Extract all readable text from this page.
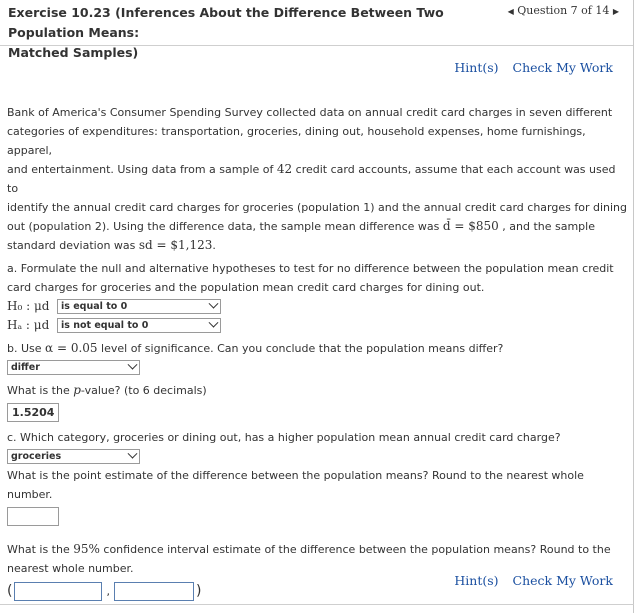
Exercise 10.23 (Inferences About the Difference Between Two Population Means:
Matched Samples)
◀ Question 7 of 14 ▶
Hint(s) Check My Work
Bank of America's Consumer Spending Survey collected data on annual credit card charges in seven different
categories of expenditures: transportation, groceries, dining out, household expenses, home furnishings, apparel,
and entertainment. Using data from a sample of 42 credit card accounts, assume that each account was used to
identify the annual credit card charges for groceries (population 1) and the annual credit card charges for dining
out (population 2). Using the difference data, the sample mean difference was d̄ = $850 , and the sample
standard deviation was sd = $1,123.
a. Formulate the null and alternative hypotheses to test for no difference between the population mean credit
card charges for groceries and the population mean credit card charges for dining out.
H₀ : μd	is equal to 0
Hₐ : μd	is not equal to 0
b. Use α = 0.05 level of significance. Can you conclude that the population means differ?
differ
What is the p-value? (to 6 decimals)
1.5204
c. Which category, groceries or dining out, has a higher population mean annual credit card charge?
groceries
What is the point estimate of the difference between the population means? Round to the nearest whole number.
What is the 95% confidence interval estimate of the difference between the population means? Round to the
nearest whole number.
(	,	)
Hint(s) Check My Work
